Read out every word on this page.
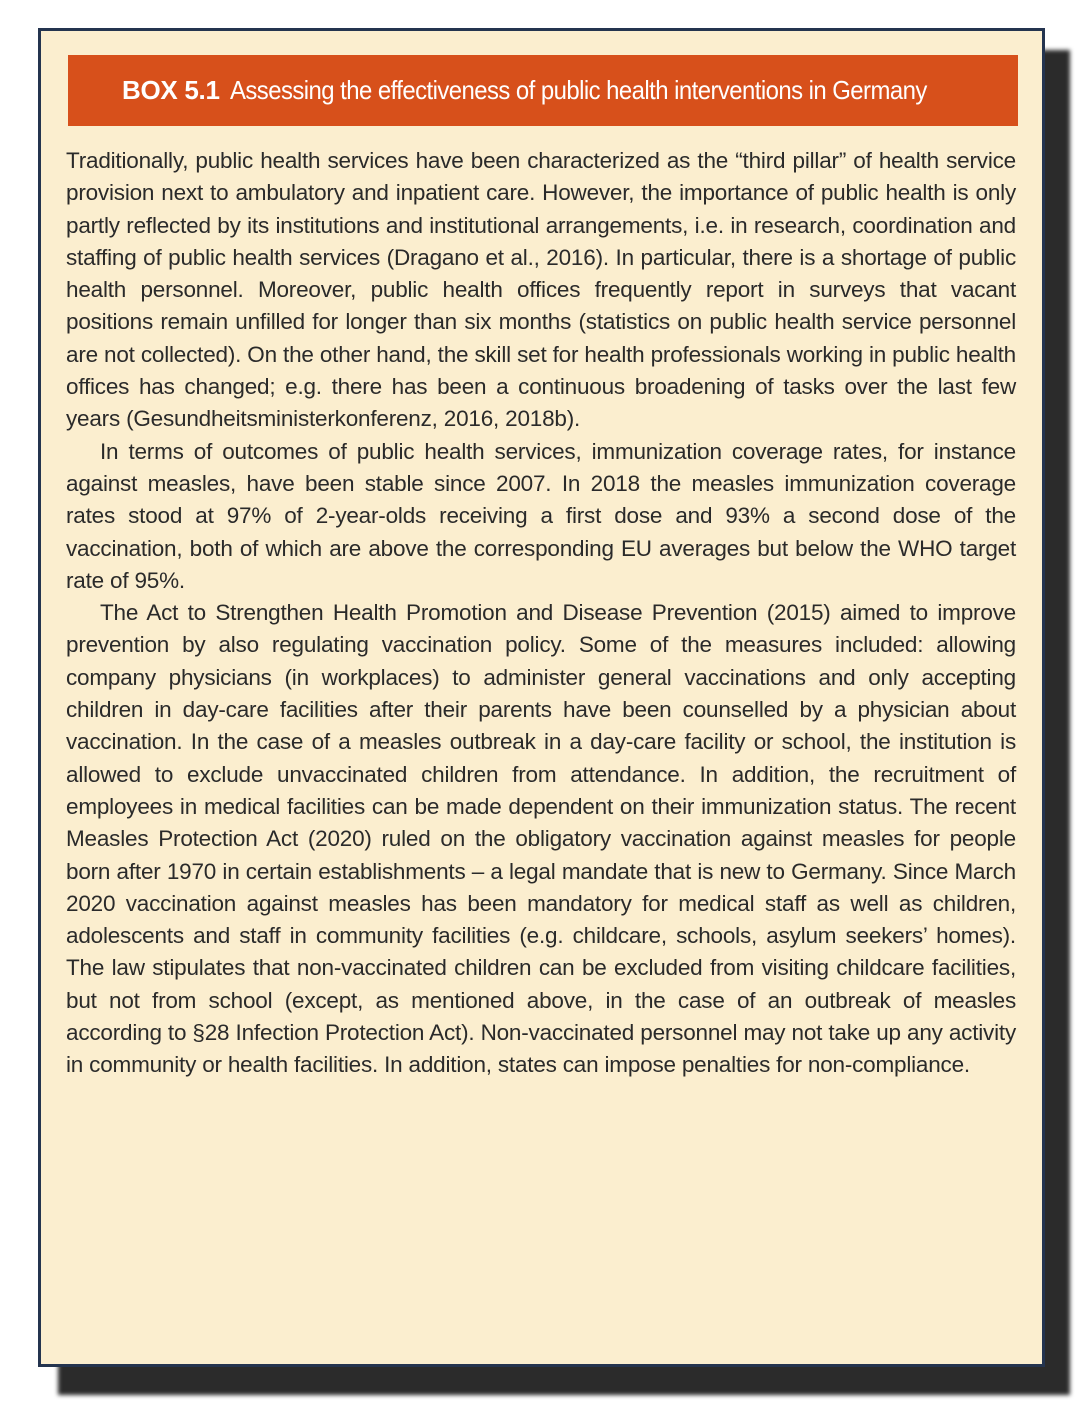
BOX 5.1 Assessing the effectiveness of public health interventions in Germany

Traditionally, public health services have been characterized as the “third pillar” of health service provision next to ambulatory and inpatient care. However, the importance of public health is only partly reflected by its institutions and institutional arrangements, i.e. in research, coordination and staffing of public health services (Dragano et al., 2016). In particular, there is a shortage of public health personnel. Moreover, public health offices frequently report in surveys that vacant positions remain unfilled for longer than six months (statistics on public health service personnel are not collected). On the other hand, the skill set for health professionals working in public health offices has changed; e.g. there has been a continuous broadening of tasks over the last few years (Gesundheitsministerkonferenz, 2016, 2018b).

In terms of outcomes of public health services, immunization coverage rates, for instance against measles, have been stable since 2007. In 2018 the measles immunization coverage rates stood at 97% of 2-year-olds receiving a first dose and 93% a second dose of the vaccination, both of which are above the corresponding EU averages but below the WHO target rate of 95%.

The Act to Strengthen Health Promotion and Disease Prevention (2015) aimed to improve prevention by also regulating vaccination policy. Some of the measures included: allowing company physicians (in workplaces) to administer general vaccinations and only accepting children in day-care facilities after their parents have been counselled by a physician about vaccination. In the case of a measles outbreak in a day-care facility or school, the institution is allowed to exclude unvaccinated children from attendance. In addition, the recruitment of employees in medical facilities can be made dependent on their immunization status. The recent Measles Protection Act (2020) ruled on the obligatory vaccination against measles for people born after 1970 in certain establishments – a legal mandate that is new to Germany. Since March 2020 vaccination against measles has been mandatory for medical staff as well as children, adolescents and staff in community facilities (e.g. childcare, schools, asylum seekers’ homes). The law stipulates that non-vaccinated children can be excluded from visiting childcare facilities, but not from school (except, as mentioned above, in the case of an outbreak of measles according to §28 Infection Protection Act). Non-vaccinated personnel may not take up any activity in community or health facilities. In addition, states can impose penalties for non-compliance.
